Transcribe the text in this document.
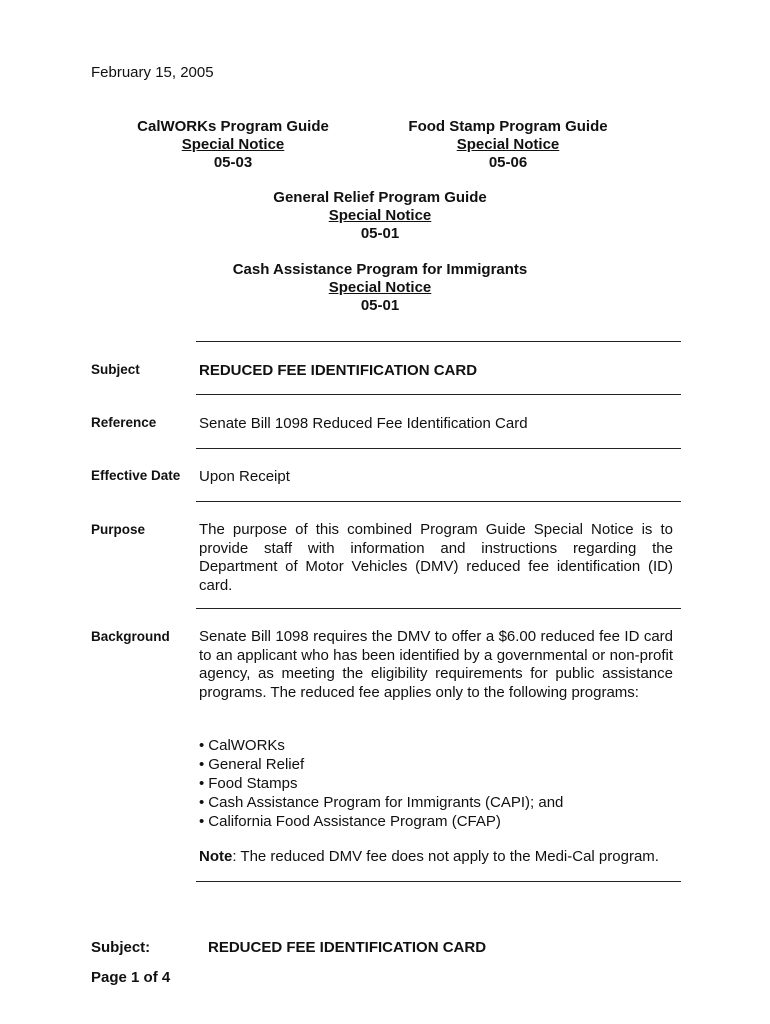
February 15, 2005
CalWORKs Program Guide
Special Notice
05-03
Food Stamp Program Guide
Special Notice
05-06
General Relief Program Guide
Special Notice
05-01
Cash Assistance Program for Immigrants
Special Notice
05-01
Subject	REDUCED FEE IDENTIFICATION CARD
Reference	Senate Bill 1098 Reduced Fee Identification Card
Effective Date Upon Receipt
Purpose	The purpose of this combined Program Guide Special Notice is to provide staff with information and instructions regarding the Department of Motor Vehicles (DMV) reduced fee identification (ID) card.
Background Senate Bill 1098 requires the DMV to offer a $6.00 reduced fee ID card to an applicant who has been identified by a governmental or non-profit agency, as meeting the eligibility requirements for public assistance programs. The reduced fee applies only to the following programs:
• CalWORKs
• General Relief
• Food Stamps
• Cash Assistance Program for Immigrants (CAPI); and
• California Food Assistance Program (CFAP)
Note: The reduced DMV fee does not apply to the Medi-Cal program.
Subject:	REDUCED FEE IDENTIFICATION CARD
Page 1 of 4
